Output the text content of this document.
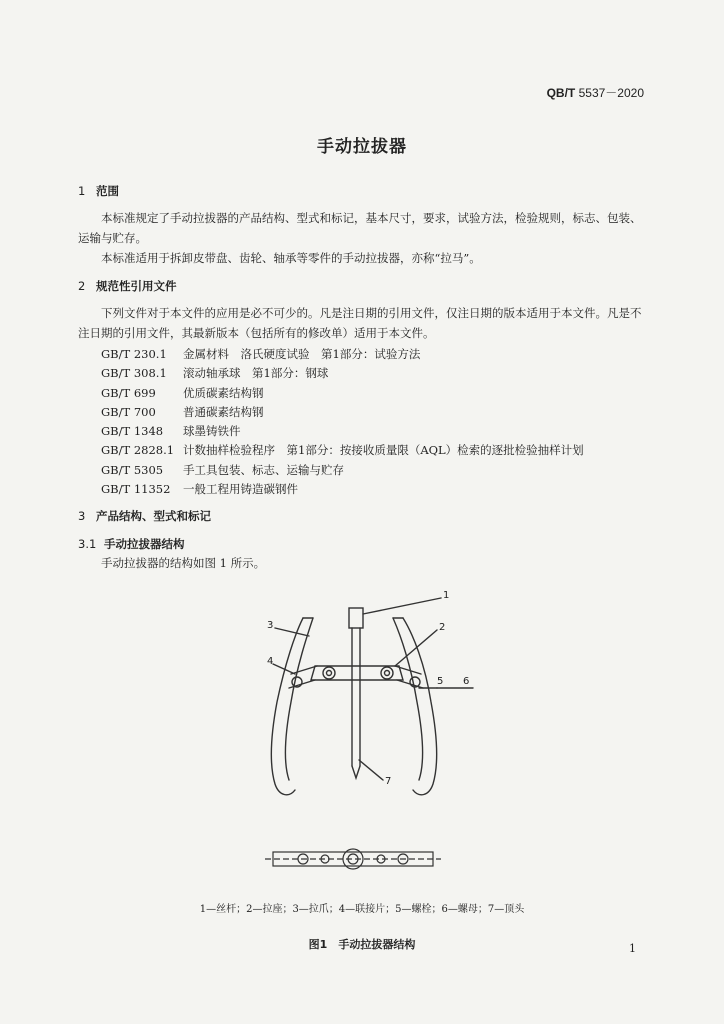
QB/T 5537－2020
手动拉拔器
1 范围
本标准规定了手动拉拔器的产品结构、型式和标记，基本尺寸，要求，试验方法，检验规则，标志、包装、运输与贮存。
本标准适用于拆卸皮带盘、齿轮、轴承等零件的手动拉拔器，亦称“拉马”。
2 规范性引用文件
下列文件对于本文件的应用是必不可少的。凡是注日期的引用文件，仅注日期的版本适用于本文件。凡是不注日期的引用文件，其最新版本（包括所有的修改单）适用于本文件。
GB/T 230.1 金属材料　洛氏硬度试验　第1部分：试验方法
GB/T 308.1 滚动轴承球　第1部分：钢球
GB/T 699 优质碳素结构钢
GB/T 700 普通碳素结构钢
GB/T 1348 球墨铸铁件
GB/T 2828.1 计数抽样检验程序　第1部分：按接收质量限（AQL）检索的逐批检验抽样计划
GB/T 5305 手工具包装、标志、运输与贮存
GB/T 11352 一般工程用铸造碳钢件
3 产品结构、型式和标记
3.1 手动拉拔器结构
手动拉拔器的结构如图 1 所示。
1
2
3
4
5 6
7
1—丝杆；2—拉座；3—拉爪；4—联接片；5—螺栓；6—螺母；7—顶头
图1　手动拉拔器结构	1
